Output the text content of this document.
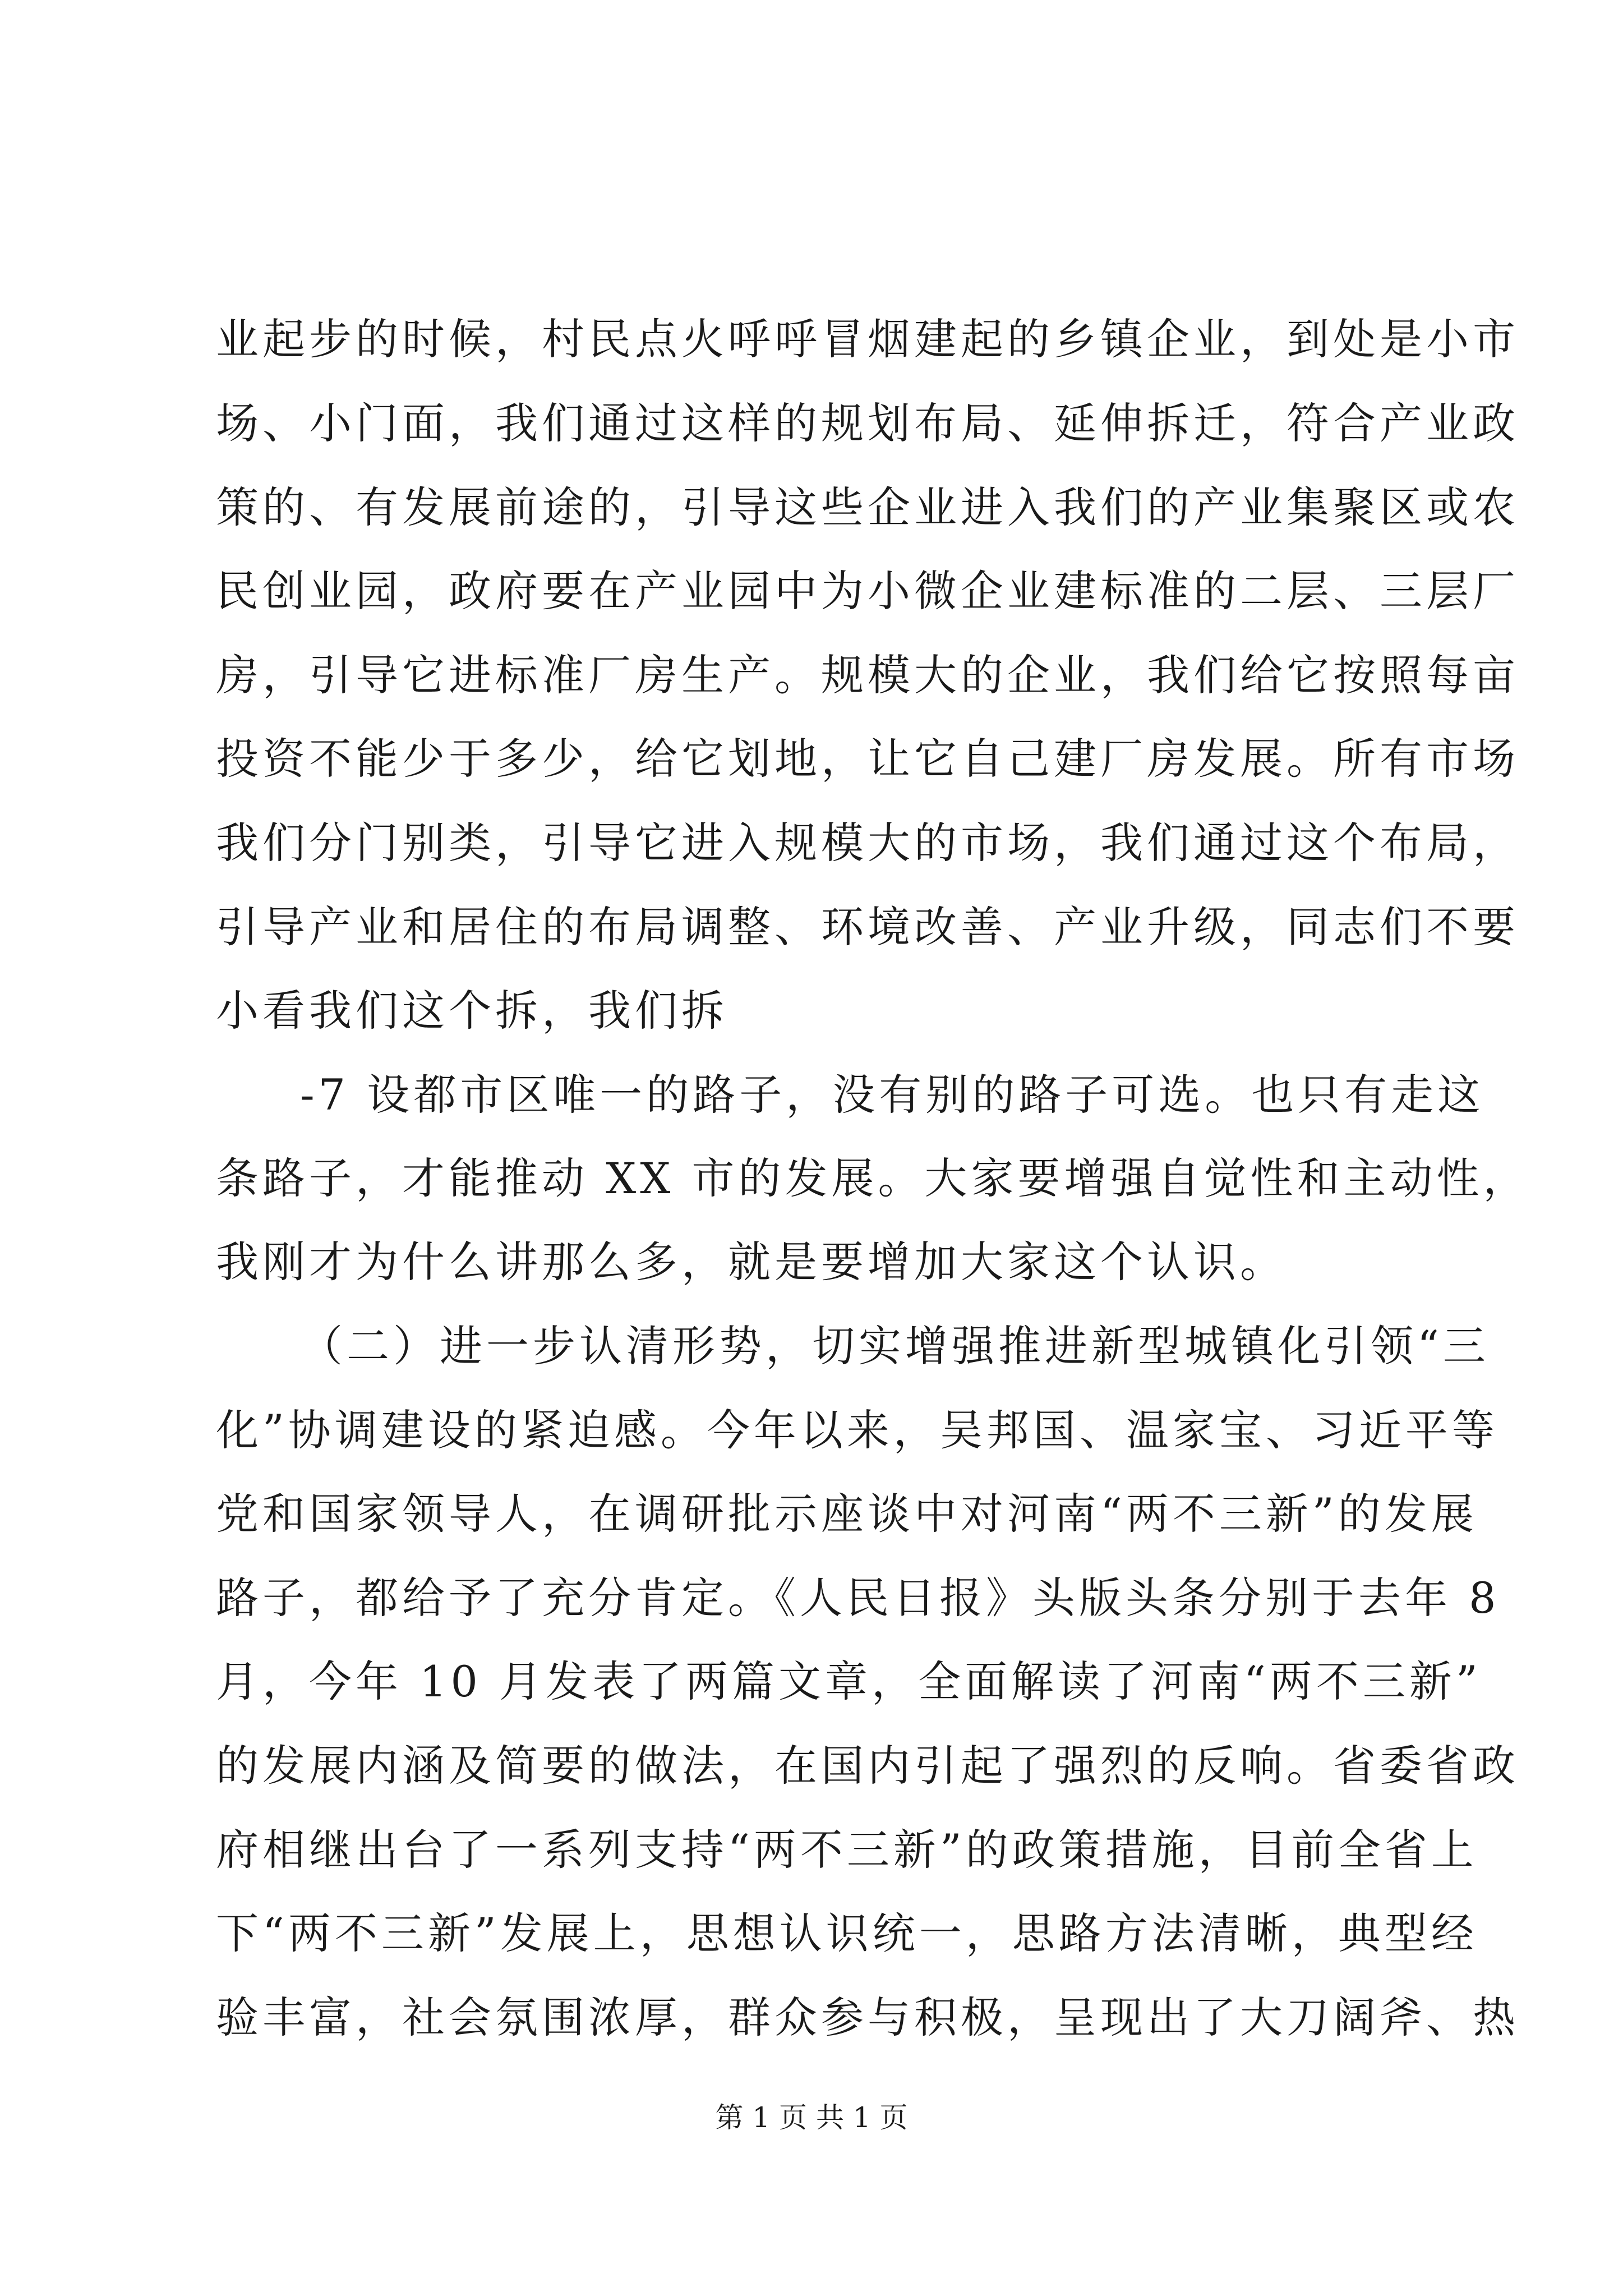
业起步的时候，村民点火呼呼冒烟建起的乡镇企业，到处是小市
场、小门面，我们通过这样的规划布局、延伸拆迁，符合产业政
策的、有发展前途的，引导这些企业进入我们的产业集聚区或农
民创业园，政府要在产业园中为小微企业建标准的二层、三层厂
房，引导它进标准厂房生产。规模大的企业，我们给它按照每亩
投资不能少于多少，给它划地，让它自己建厂房发展。所有市场
我们分门别类，引导它进入规模大的市场，我们通过这个布局，
引导产业和居住的布局调整、环境改善、产业升级，同志们不要
小看我们这个拆，我们拆
-7 设都市区唯一的路子，没有别的路子可选。也只有走这
条路子，才能推动 XX 市的发展。大家要增强自觉性和主动性，
我刚才为什么讲那么多，就是要增加大家这个认识。
（二）进一步认清形势，切实增强推进新型城镇化引领“三
化”协调建设的紧迫感。今年以来，吴邦国、温家宝、习近平等
党和国家领导人，在调研批示座谈中对河南“两不三新”的发展
路子，都给予了充分肯定。《人民日报》头版头条分别于去年 8
月，今年 10 月发表了两篇文章，全面解读了河南“两不三新”
的发展内涵及简要的做法，在国内引起了强烈的反响。省委省政
府相继出台了一系列支持“两不三新”的政策措施，目前全省上
下“两不三新”发展上，思想认识统一，思路方法清晰，典型经
验丰富，社会氛围浓厚，群众参与积极，呈现出了大刀阔斧、热
第 1 页 共 1 页
